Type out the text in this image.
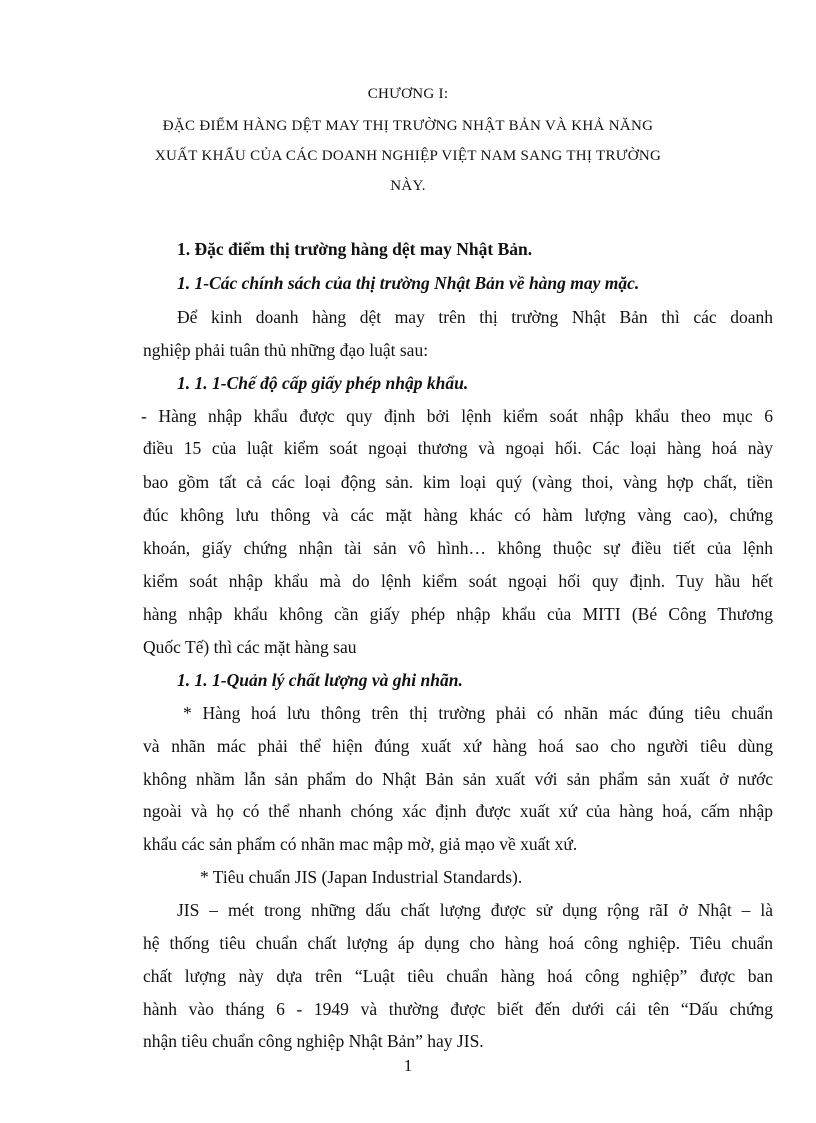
CHƯƠNG I:
ĐẶC ĐIỂM HÀNG DỆT MAY THỊ TRƯỜNG NHẬT BẢN VÀ KHẢ NĂNG
XUẤT KHẨU CỦA CÁC DOANH NGHIỆP VIỆT NAM SANG THỊ TRƯỜNG
NÀY.
1. Đặc điểm thị trường hàng dệt may Nhật Bản.
1. 1-Các chính sách của thị trường Nhật Bản về hàng may mặc.
Để kinh doanh hàng dệt may trên thị trường Nhật Bản thì các doanh
nghiệp phải tuân thủ những đạo luật sau:
1. 1. 1-Chế độ cấp giấy phép nhập khẩu.
- Hàng nhập khẩu được quy định bởi lệnh kiểm soát nhập khẩu theo mục 6
điều 15 của luật kiểm soát ngoại thương và ngoại hối. Các loại hàng hoá này
bao gồm tất cả các loại động sản. kim loại quý (vàng thoi, vàng hợp chất, tiền
đúc không lưu thông và các mặt hàng khác có hàm lượng vàng cao), chứng
khoán, giấy chứng nhận tài sản vô hình… không thuộc sự điều tiết của lệnh
kiểm soát nhập khẩu mà do lệnh kiểm soát ngoại hối quy định. Tuy hầu hết
hàng nhập khẩu không cần giấy phép nhập khẩu của MITI (Bé Công Thương
Quốc Tế) thì các mặt hàng sau
1. 1. 1-Quản lý chất lượng và ghi nhãn.
* Hàng hoá lưu thông trên thị trường phải có nhãn mác đúng tiêu chuẩn
và nhãn mác phải thể hiện đúng xuất xứ hàng hoá sao cho người tiêu dùng
không nhầm lẫn sản phẩm do Nhật Bản sản xuất với sản phẩm sản xuất ở nước
ngoài và họ có thể nhanh chóng xác định được xuất xứ của hàng hoá, cấm nhập
khẩu các sản phẩm có nhãn mac mập mờ, giả mạo về xuất xứ.
* Tiêu chuẩn JIS (Japan Industrial Standards).
JIS – mét trong những dấu chất lượng được sử dụng rộng rãI ở Nhật – là
hệ thống tiêu chuẩn chất lượng áp dụng cho hàng hoá công nghiệp. Tiêu chuẩn
chất lượng này dựa trên “Luật tiêu chuẩn hàng hoá công nghiệp” được ban
hành vào tháng 6 - 1949 và thường được biết đến dưới cái tên “Dấu chứng
nhận tiêu chuẩn công nghiệp Nhật Bản” hay JIS.
1
